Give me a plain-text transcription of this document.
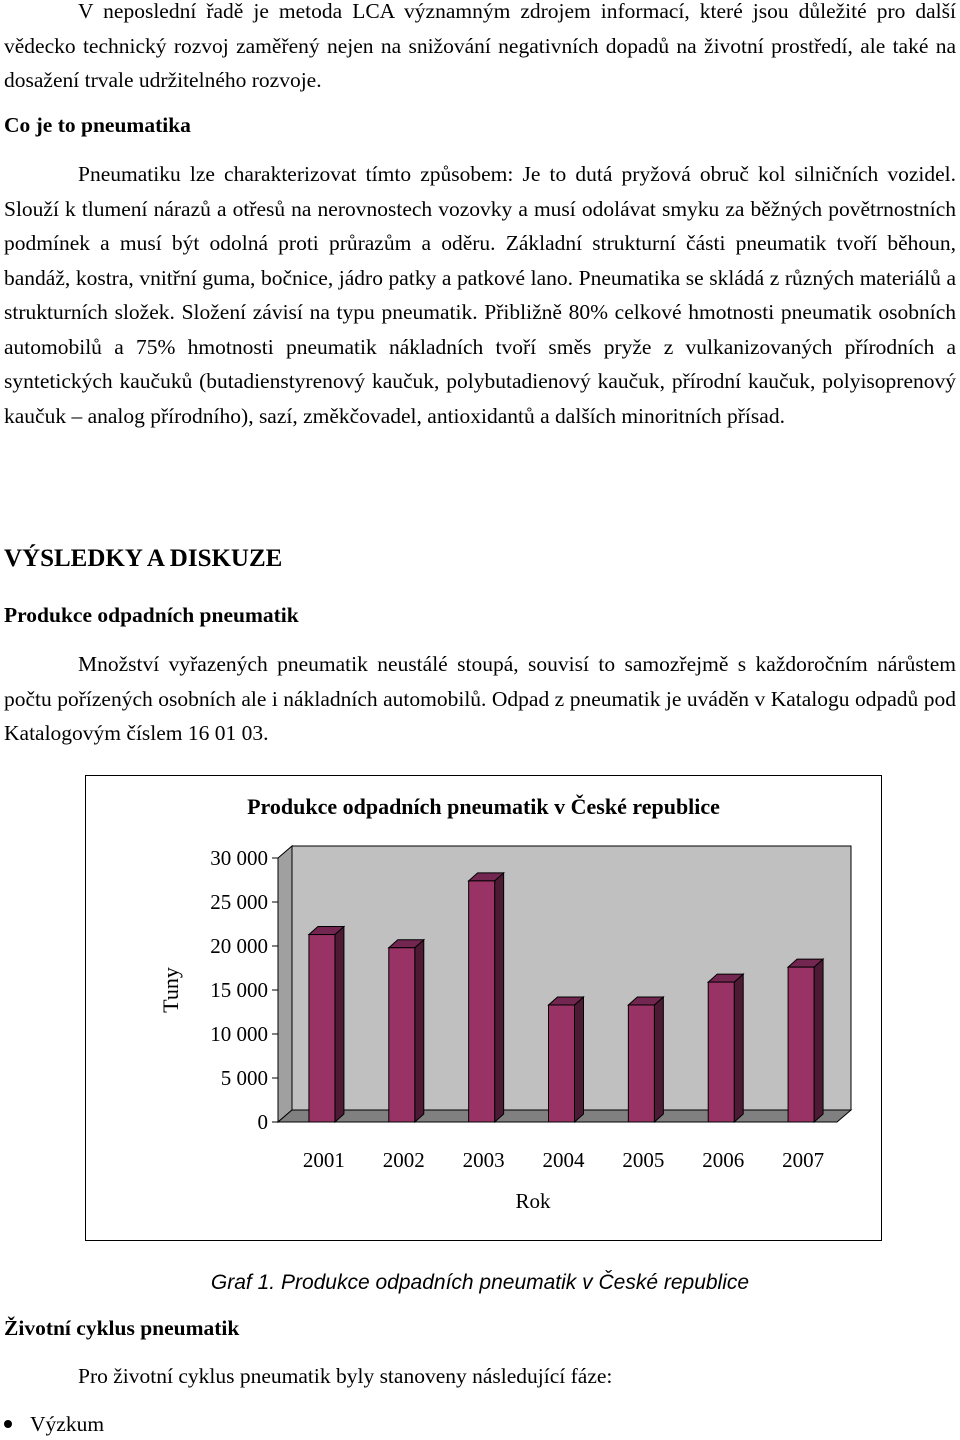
V neposlední řadě je metoda LCA významným zdrojem informací, které jsou důležité pro další vědecko technický rozvoj zaměřený nejen na snižování negativních dopadů na životní prostředí, ale také na dosažení trvale udržitelného rozvoje.

Co je to pneumatika

Pneumatiku lze charakterizovat tímto způsobem: Je to dutá pryžová obruč kol silničních vozidel. Slouží k tlumení nárazů a otřesů na nerovnostech vozovky a musí odolávat smyku za běžných povětrnostních podmínek a musí být odolná proti průrazům a oděru. Základní strukturní části pneumatik tvoří běhoun, bandáž, kostra, vnitřní guma, bočnice, jádro patky a patkové lano. Pneumatika se skládá z různých materiálů a strukturních složek. Složení závisí na typu pneumatik. Přibližně 80% celkové hmotnosti pneumatik osobních automobilů a 75% hmotnosti pneumatik nákladních tvoří směs pryže z vulkanizovaných přírodních a syntetických kaučuků (butadienstyrenový kaučuk, polybutadienový kaučuk, přírodní kaučuk, polyisoprenový kaučuk – analog přírodního), sazí, změkčovadel, antioxidantů a dalších minoritních přísad.

VÝSLEDKY A DISKUZE
Produkce odpadních pneumatik

Množství vyřazených pneumatik neustálé stoupá, souvisí to samozřejmě s každoročním nárůstem počtu pořízených osobních ale i nákladních automobilů. Odpad z pneumatik je uváděn v Katalogu odpadů pod Katalogovým číslem 16 01 03.

Produkce odpadních pneumatik v České republice
0
5 000
10 000
15 000
20 000
25 000
30 000
2001 2002 2003 2004 2005 2006 2007
Rok
Tuny
Graf 1. Produkce odpadních pneumatik v České republice
Životní cyklus pneumatik

Pro životní cyklus pneumatik byly stanoveny následující fáze:

Výzkum
